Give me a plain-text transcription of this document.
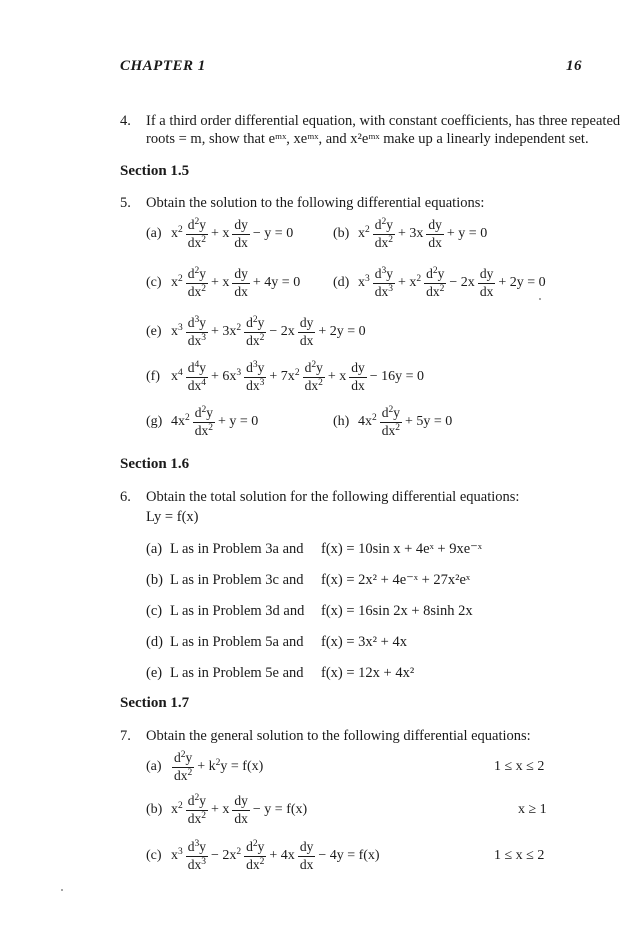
CHAPTER 1	16
4. If a third order differential equation, with constant coefficients, has three repeated
roots = m, show that eᵐˣ, xeᵐˣ, and x²eᵐˣ make up a linearly independent set.
Section 1.5
5. Obtain the solution to the following differential equations:
(a) $x^2 \frac{d^2y}{dx^2} + x \frac{dy}{dx} - y = 0$	(b) $x^2 \frac{d^2y}{dx^2} + 3x \frac{dy}{dx} + y = 0$
(c) $x^2 \frac{d^2y}{dx^2} + x \frac{dy}{dx} + 4y = 0$ (d) $x^3 \frac{d^3y}{dx^3} + x^2 \frac{d^2y}{dx^2} - 2x \frac{dy}{dx} + 2y = 0$
(e) $x^3 \frac{d^3y}{dx^3} + 3x^2 \frac{d^2y}{dx^2} - 2x \frac{dy}{dx} + 2y = 0$
(f) $x^4 \frac{d^4y}{dx^4} + 6x^3 \frac{d^3y}{dx^3} + 7x^2 \frac{d^2y}{dx^2} + x \frac{dy}{dx} - 16y = 0$
(g) $4x^2 \frac{d^2y}{dx^2} + y = 0$	(h) $4x^2 \frac{d^2y}{dx^2} + 5y = 0$
Section 1.6
6. Obtain the total solution for the following differential equations:
Ly = f(x)
(a) L as in Problem 3a and f(x) = 10sin x + 4eˣ + 9xe⁻ˣ
(b) L as in Problem 3c and f(x) = 2x² + 4e⁻ˣ + 27x²eˣ
(c) L as in Problem 3d and f(x) = 16sin 2x + 8sinh 2x
(d) L as in Problem 5a and f(x) = 3x² + 4x
(e) L as in Problem 5e and f(x) = 12x + 4x²
Section 1.7
7. Obtain the general solution to the following differential equations:
$(a) \frac{d^2y}{dx^2} + k^2y = f(x)$	1 ≤ x ≤ 2
(b) $x^2 \frac{d^2y}{dx^2} + x \frac{dy}{dx} - y = f(x)$	x ≥ 1
(c) $x^3 \frac{d^3y}{dx^3} - 2x^2 \frac{d^2y}{dx^2} + 4x \frac{dy}{dx} - 4y = f(x)$	1 ≤ x ≤ 2
